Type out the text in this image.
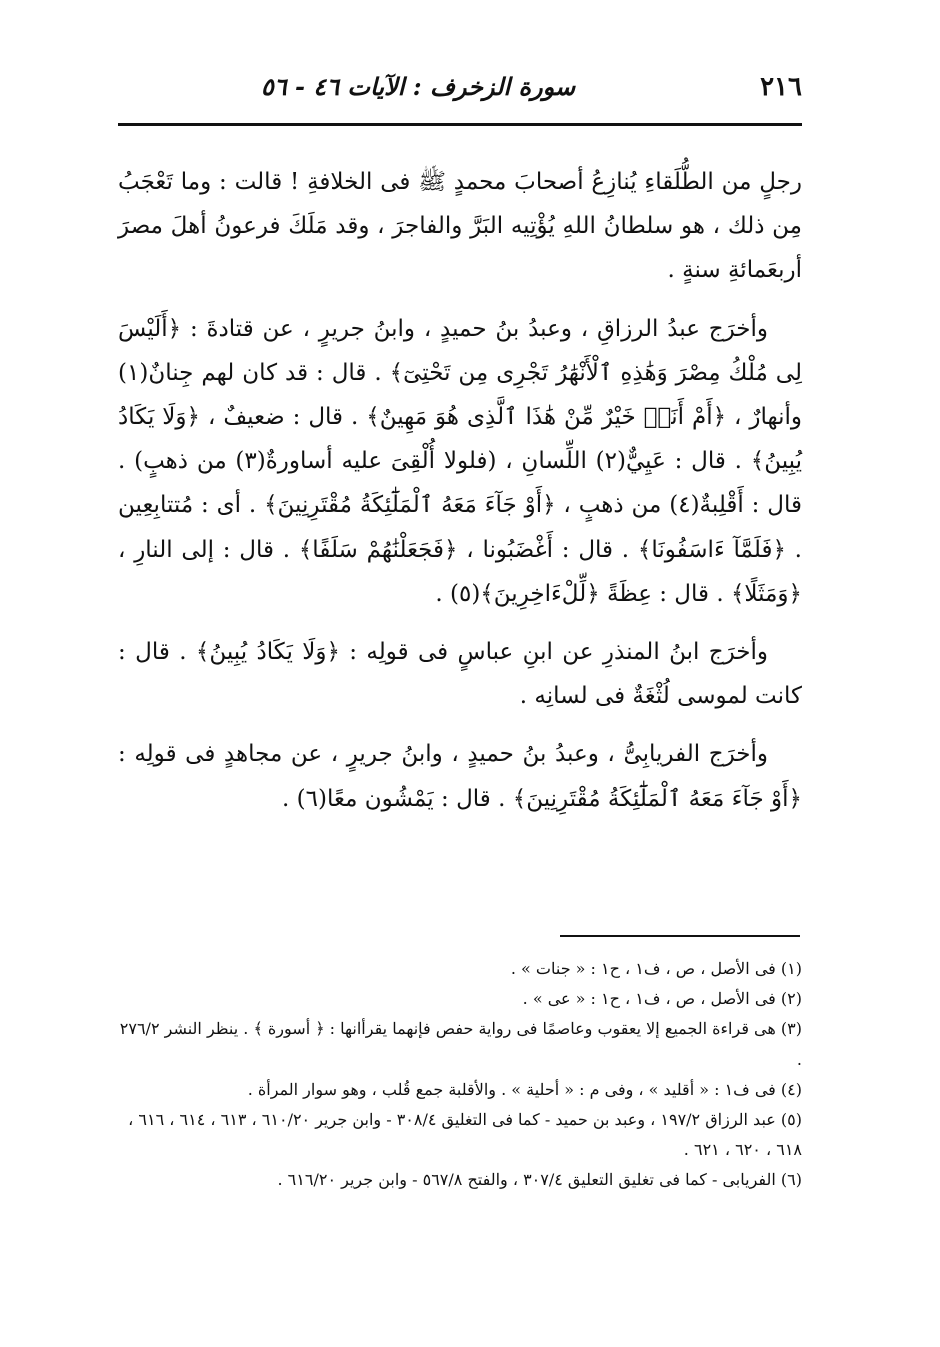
٢١٦
سورة الزخرف : الآيات ٤٦ - ٥٦

رجلٍ من الطُّلَقاءِ يُنازِعُ أصحابَ محمدٍ ﷺ فى الخلافةِ ! قالت : وما تَعْجَبُ مِن ذلك ، هو سلطانُ اللهِ يُؤْتِيه البَرَّ والفاجرَ ، وقد مَلَكَ فرعونُ أهلَ مصرَ أربعَمائةِ سنةٍ .

وأخرَج عبدُ الرزاقِ ، وعبدُ بنُ حميدٍ ، وابنُ جريرٍ ، عن قتادةَ : ﴿أَلَيْسَ لِى مُلْكُ مِصْرَ وَهَٰذِهِ ٱلْأَنْهَٰرُ تَجْرِى مِن تَحْتِىٓ﴾ . قال : قد كان لهم جِنانٌ(١) وأنهارٌ ، ﴿أَمْ أَنَا۠ خَيْرٌ مِّنْ هَٰذَا ٱلَّذِى هُوَ مَهِينٌ﴾ . قال : ضعيفٌ ، ﴿وَلَا يَكَادُ يُبِينُ﴾ . قال : عَيِيٌّ(٢) اللِّسانِ ، (فلولا أُلْقِىَ عليه أساورةٌ(٣) من ذهبٍ) . قال : أَقْلِبةٌ(٤) من ذهبٍ ، ﴿أَوْ جَآءَ مَعَهُ ٱلْمَلَٰٓئِكَةُ مُقْتَرِنِينَ﴾ . أى : مُتتابِعِين . ﴿فَلَمَّآ ءَاسَفُونَا﴾ . قال : أَغْضَبُونا ، ﴿فَجَعَلْنَٰهُمْ سَلَفًا﴾ . قال : إلى النارِ ، ﴿وَمَثَلًا﴾ . قال : عِظَةً ﴿لِّلْءَاخِرِينَ﴾(٥) .

وأخرَج ابنُ المنذرِ عن ابنِ عباسٍ فى قولِه : ﴿وَلَا يَكَادُ يُبِينُ﴾ . قال : كانت لموسى لُثْغَةٌ فى لسانِه .

وأخرَج الفريابِىُّ ، وعبدُ بنُ حميدٍ ، وابنُ جريرٍ ، عن مجاهدٍ فى قولِه : ﴿أَوْ جَآءَ مَعَهُ ٱلْمَلَٰٓئِكَةُ مُقْتَرِنِينَ﴾ . قال : يَمْشُون معًا(٦) .

(١) فى الأصل ، ص ، ف١ ، ح١ : « جنات » .
(٢) فى الأصل ، ص ، ف١ ، ح١ : « عى » .
(٣) هى قراءة الجميع إلا يعقوب وعاصمًا فى رواية حفص فإنهما يقرأانها : ﴿ أسورة ﴾ . ينظر النشر ٢٧٦/٢ .
(٤) فى ف١ : « أقليد » ، وفى م : « أحلية » . والأقلبة جمع قُلب ، وهو سوار المرأة .
(٥) عبد الرزاق ١٩٧/٢ ، وعبد بن حميد - كما فى التغليق ٣٠٨/٤ - وابن جرير ٦١٠/٢٠ ، ٦١٣ ، ٦١٤ ، ٦١٦ ، ٦١٨ ، ٦٢٠ ، ٦٢١ .
(٦) الفريابى - كما فى تغليق التعليق ٣٠٧/٤ ، والفتح ٥٦٧/٨ - وابن جرير ٦١٦/٢٠ .
